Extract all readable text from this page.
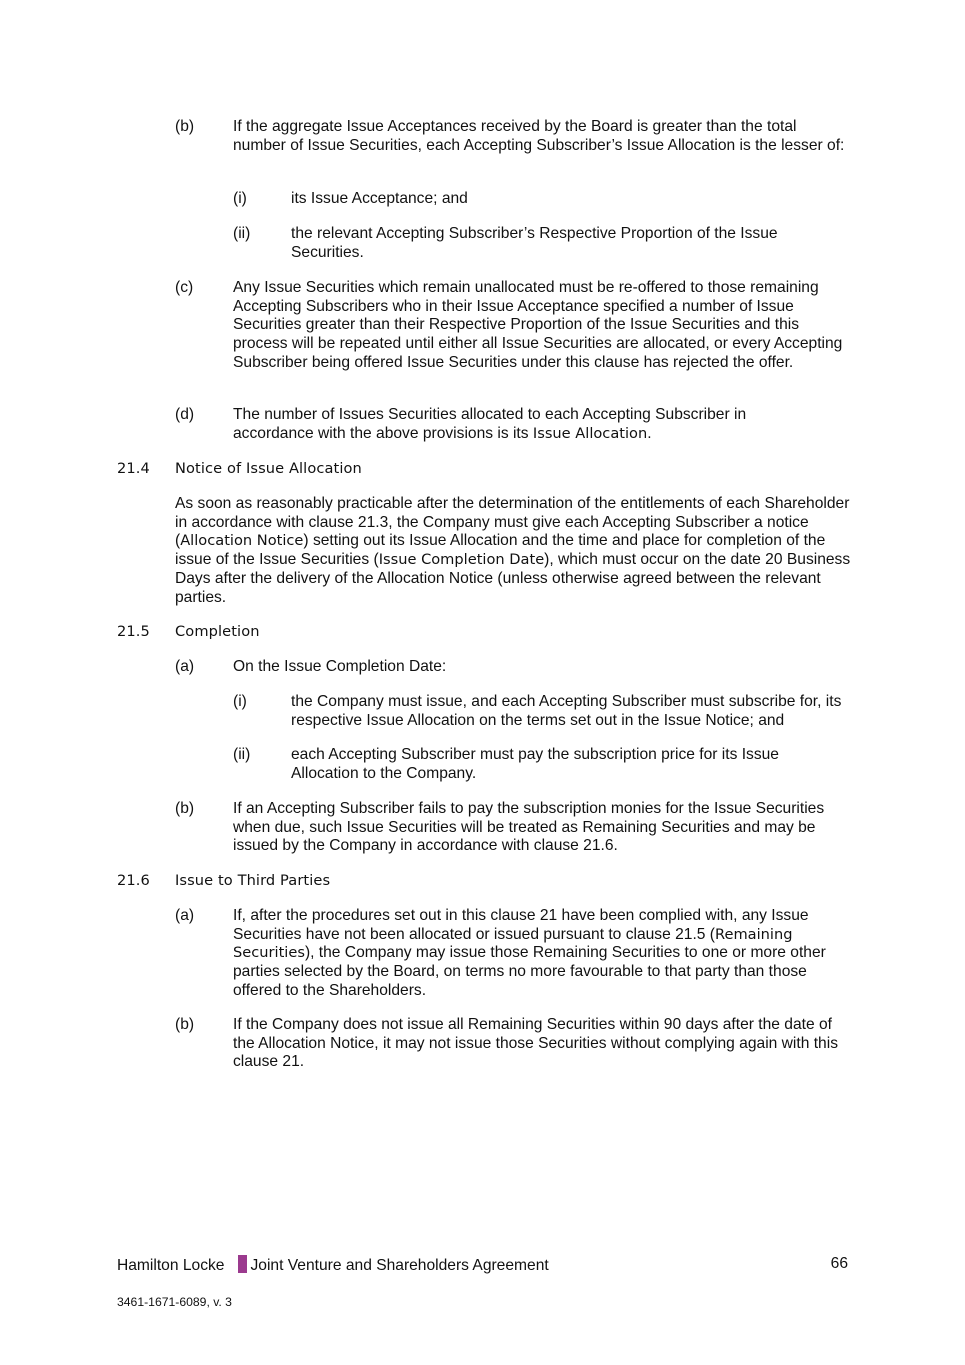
(b) If the aggregate Issue Acceptances received by the Board is greater than the total number of Issue Securities, each Accepting Subscriber’s Issue Allocation is the lesser of:

(i)	its Issue Acceptance; and

(ii)	the relevant Accepting Subscriber’s Respective Proportion of the Issue Securities.

(c)	Any Issue Securities which remain unallocated must be re-offered to those remaining Accepting Subscribers who in their Issue Acceptance specified a number of Issue Securities greater than their Respective Proportion of the Issue Securities and this process will be repeated until either all Issue Securities are allocated, or every Accepting Subscriber being offered Issue Securities under this clause has rejected the offer.

(d) The number of Issues Securities allocated to each Accepting Subscriber in accordance with the above provisions is its Issue Allocation.

21.4 Notice of Issue Allocation

As soon as reasonably practicable after the determination of the entitlements of each Shareholder in accordance with clause 21.3, the Company must give each Accepting Subscriber a notice (Allocation Notice) setting out its Issue Allocation and the time and place for completion of the issue of the Issue Securities (Issue Completion Date), which must occur on the date 20 Business Days after the delivery of the Allocation Notice (unless otherwise agreed between the relevant parties.

21.5 Completion
(a) On the Issue Completion Date:

(i)	the Company must issue, and each Accepting Subscriber must subscribe for, its respective Issue Allocation on the terms set out in the Issue Notice; and

(ii)	each Accepting Subscriber must pay the subscription price for its Issue Allocation to the Company.

(b) If an Accepting Subscriber fails to pay the subscription monies for the Issue Securities when due, such Issue Securities will be treated as Remaining Securities and may be issued by the Company in accordance with clause 21.6.

21.6 Issue to Third Parties
(a) If, after the procedures set out in this clause 21 have been complied with, any Issue Securities have not been allocated or issued pursuant to clause 21.5 (Remaining Securities), the Company may issue those Remaining Securities to one or more other parties selected by the Board, on terms no more favourable to that party than those offered to the Shareholders.

(b) If the Company does not issue all Remaining Securities within 90 days after the date of the Allocation Notice, it may not issue those Securities without complying again with this clause 21.

Hamilton Locke Joint Venture and Shareholders Agreement	66
3461-1671-6089, v. 3
